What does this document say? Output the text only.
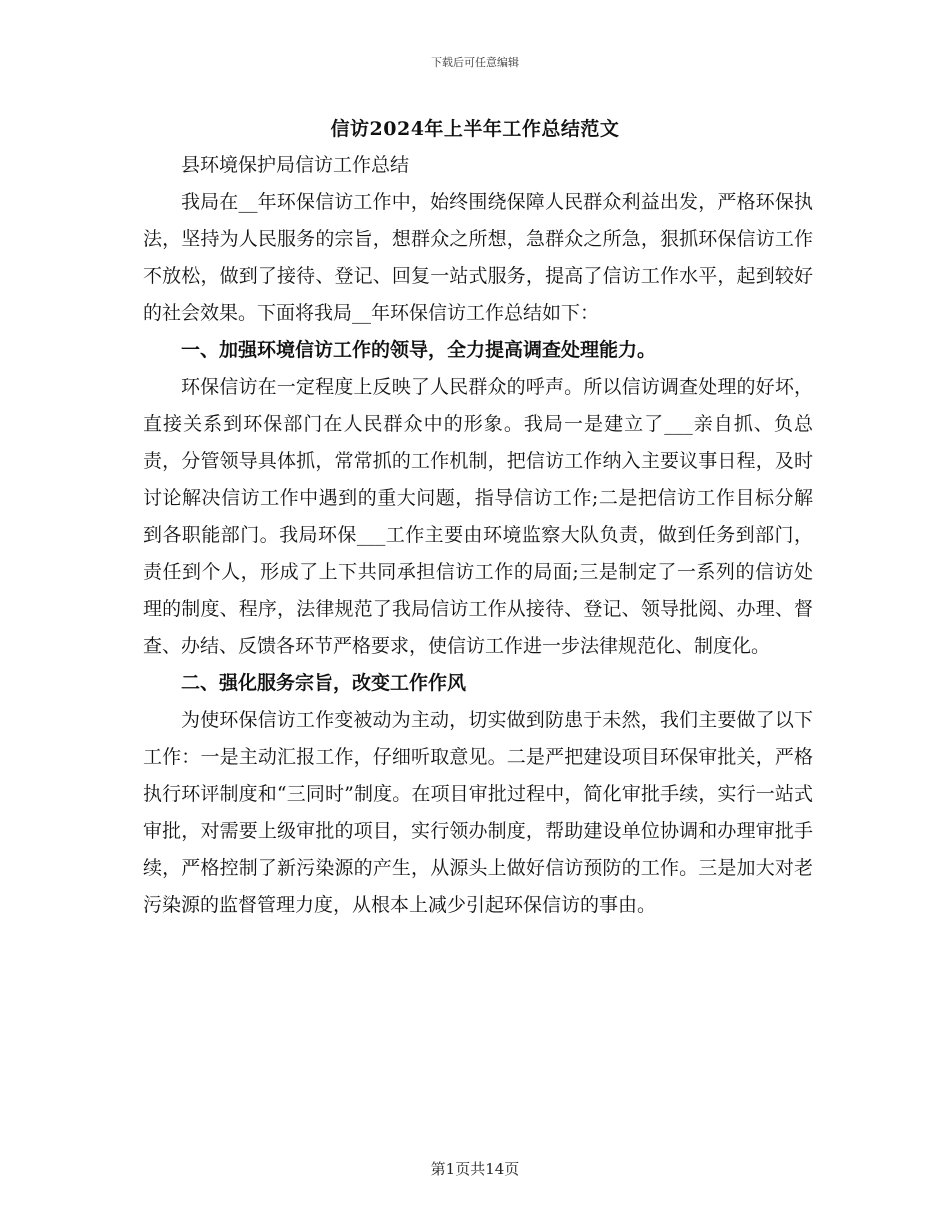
下载后可任意编辑
信访2024年上半年工作总结范文

县环境保护局信访工作总结

我局在__年环保信访工作中，始终围绕保障人民群众利益出发，严格环保执法，坚持为人民服务的宗旨，想群众之所想，急群众之所急，狠抓环保信访工作不放松，做到了接待、登记、回复一站式服务，提高了信访工作水平，起到较好的社会效果。下面将我局__年环保信访工作总结如下：

一、加强环境信访工作的领导，全力提高调查处理能力。

环保信访在一定程度上反映了人民群众的呼声。所以信访调查处理的好坏，直接关系到环保部门在人民群众中的形象。我局一是建立了___亲自抓、负总责，分管领导具体抓，常常抓的工作机制，把信访工作纳入主要议事日程，及时讨论解决信访工作中遇到的重大问题，指导信访工作;二是把信访工作目标分解到各职能部门。我局环保___工作主要由环境监察大队负责，做到任务到部门，责任到个人，形成了上下共同承担信访工作的局面;三是制定了一系列的信访处理的制度、程序，法律规范了我局信访工作从接待、登记、领导批阅、办理、督查、办结、反馈各环节严格要求，使信访工作进一步法律规范化、制度化。

二、强化服务宗旨，改变工作作风

为使环保信访工作变被动为主动，切实做到防患于未然，我们主要做了以下工作：一是主动汇报工作，仔细听取意见。二是严把建设项目环保审批关，严格执行环评制度和“三同时”制度。在项目审批过程中，简化审批手续，实行一站式审批，对需要上级审批的项目，实行领办制度，帮助建设单位协调和办理审批手续，严格控制了新污染源的产生，从源头上做好信访预防的工作。三是加大对老污染源的监督管理力度，从根本上减少引起环保信访的事由。

第1页共14页
